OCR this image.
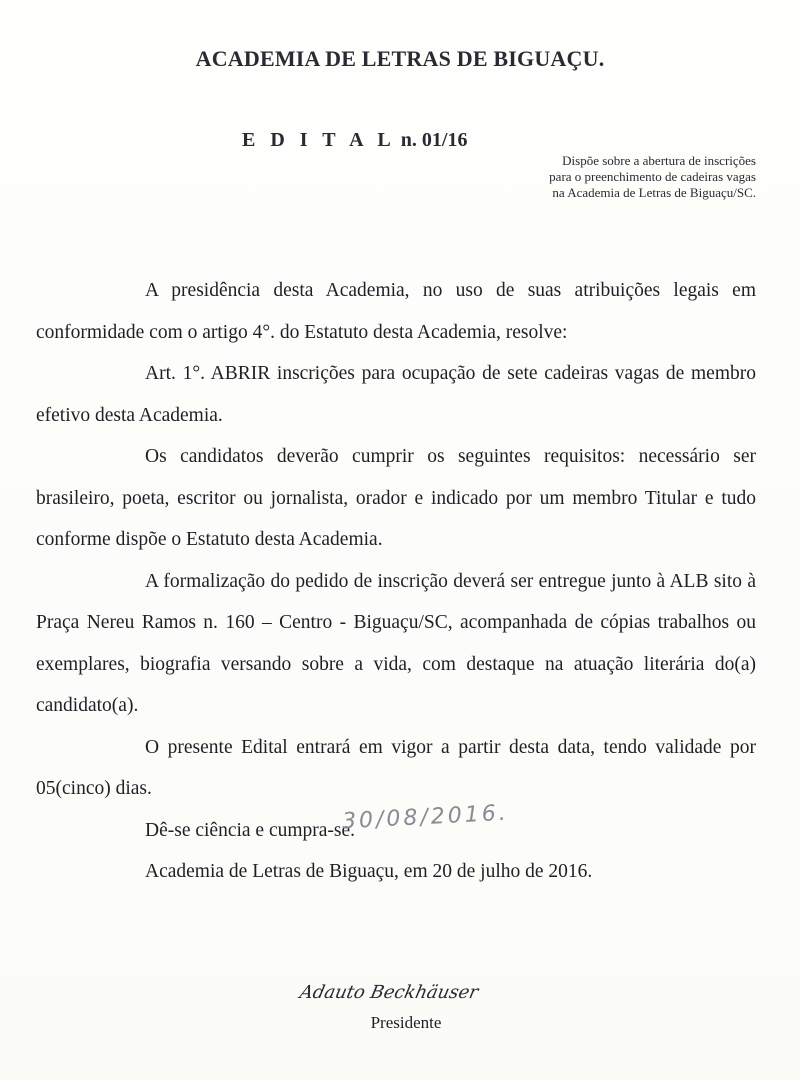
ACADEMIA DE LETRAS DE BIGUAÇU.
E D I T A L n. 01/16
Dispõe sobre a abertura de inscrições
para o preenchimento de cadeiras vagas
na Academia de Letras de Biguaçu/SC.

A presidência desta Academia, no uso de suas atribuições legais em conformidade com o artigo 4°. do Estatuto desta Academia, resolve:

Art. 1°. ABRIR inscrições para ocupação de sete cadeiras vagas de membro efetivo desta Academia.

Os candidatos deverão cumprir os seguintes requisitos: necessário ser brasileiro, poeta, escritor ou jornalista, orador e indicado por um membro Titular e tudo conforme dispõe o Estatuto desta Academia.

A formalização do pedido de inscrição deverá ser entregue junto à ALB sito à Praça Nereu Ramos n. 160 – Centro - Biguaçu/SC, acompanhada de cópias trabalhos ou exemplares, biografia versando sobre a vida, com destaque na atuação literária do(a) candidato(a).

O presente Edital entrará em vigor a partir desta data, tendo validade por 05(cinco) dias.

Dê-se ciência e cumpra-se.

Academia de Letras de Biguaçu, em 20 de julho de 2016.

30/08/2016.
Adauto Beckhäuser
Presidente
